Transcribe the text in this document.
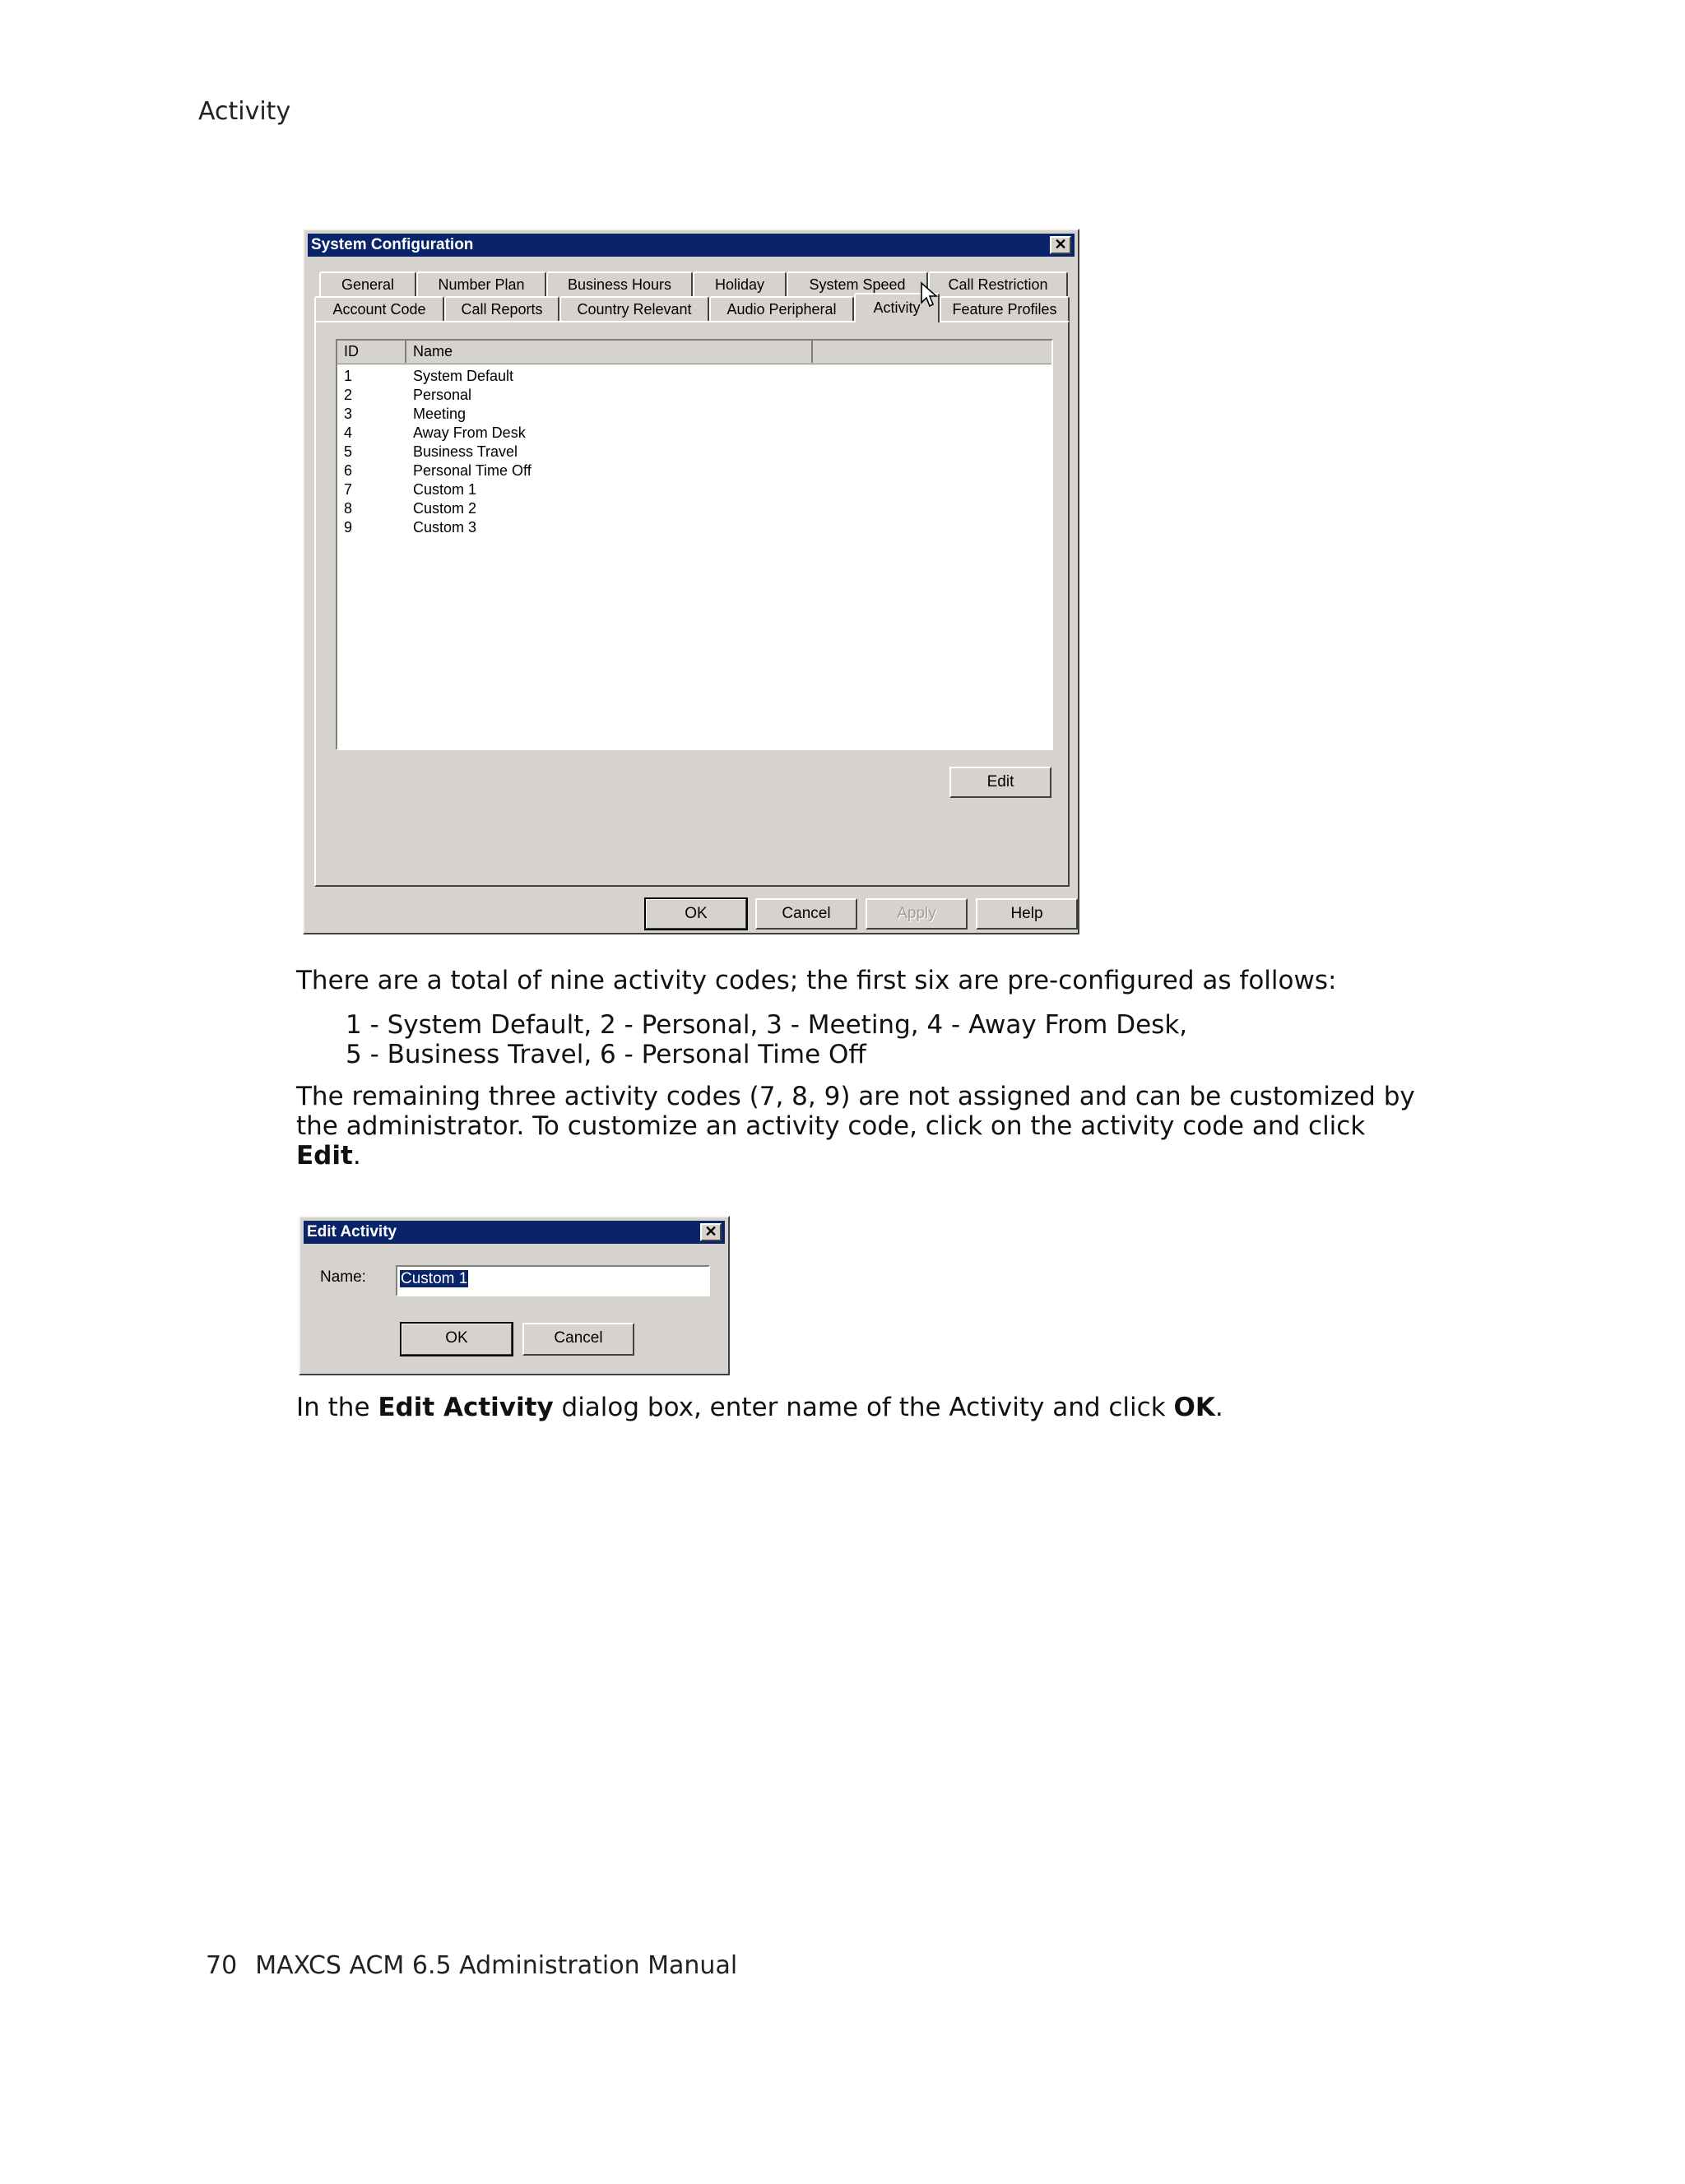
Activity
System Configuration	✕
General	Number Plan	Business Hours	Holiday	System Speed	Call Restriction
Account Code	Call Reports	Country Relevant	Audio Peripheral	Activity	Feature Profiles
ID	Name
1	System Default
2	Personal
3	Meeting
4	Away From Desk
5	Business Travel
6	Personal Time Off
7	Custom 1
8	Custom 2
9	Custom 3
Edit
OK	Cancel	Apply	Help
There are a total of nine activity codes; the first six are pre-configured as follows:
1 - System Default, 2 - Personal, 3 - Meeting, 4 - Away From Desk,
5 - Business Travel, 6 - Personal Time Off
The remaining three activity codes (7, 8, 9) are not assigned and can be customized by
the administrator. To customize an activity code, click on the activity code and click
Edit.
Edit Activity	✕
Name:	Custom 1
OK	Cancel
In the Edit Activity dialog box, enter name of the Activity and click OK.
70 MAXCS ACM 6.5 Administration Manual
